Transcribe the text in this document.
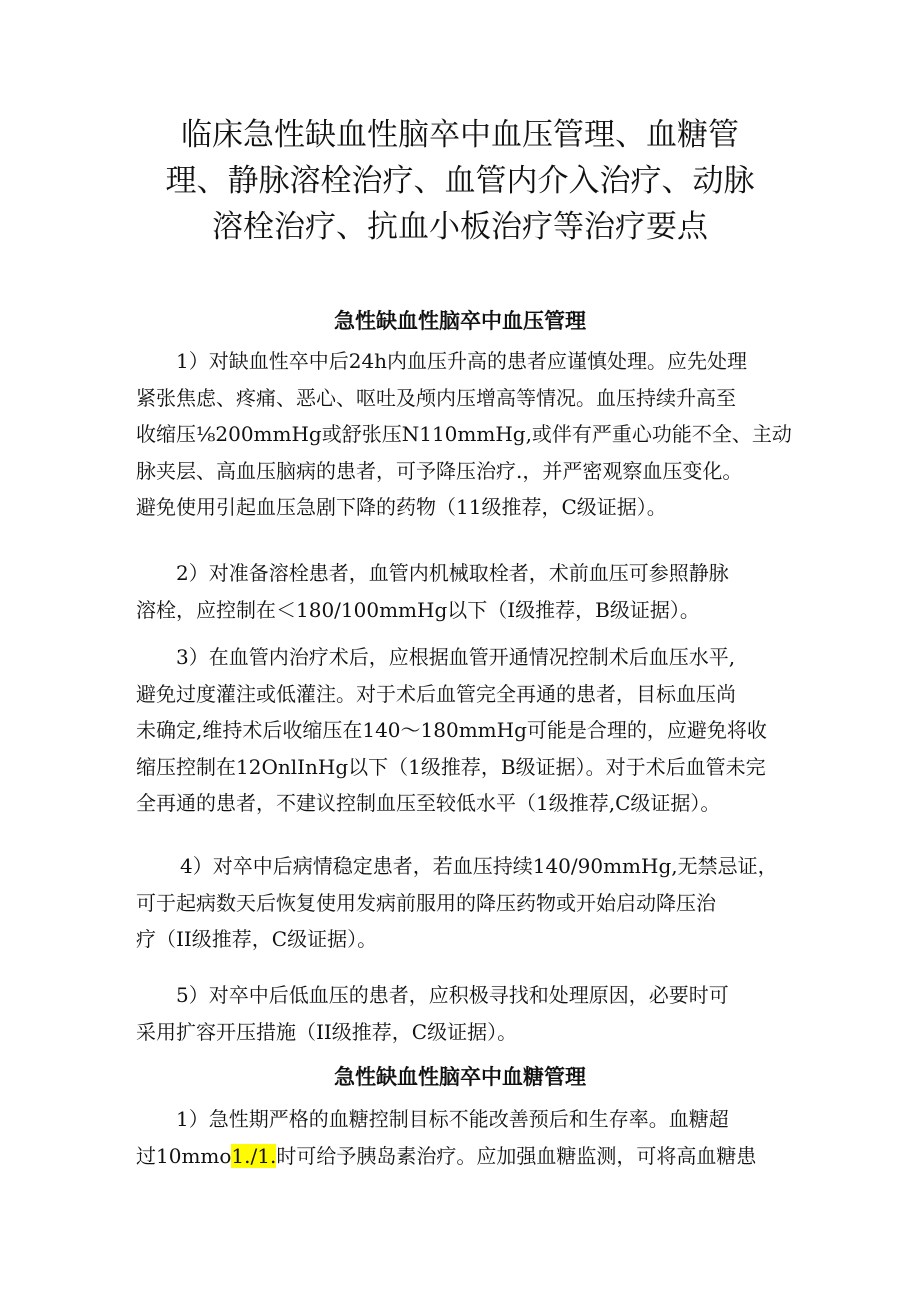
临床急性缺血性脑卒中血压管理、血糖管
理、静脉溶栓治疗、血管内介入治疗、动脉
溶栓治疗、抗血小板治疗等治疗要点
急性缺血性脑卒中血压管理

1）对缺血性卒中后24h内血压升高的患者应谨慎处理。应先处理
紧张焦虑、疼痛、恶心、呕吐及颅内压增高等情况。血压持续升高至
收缩压⅛200mmHg或舒张压N110mmHg,或伴有严重心功能不全、主动
脉夹层、高血压脑病的患者，可予降压治疗.，并严密观察血压变化。
避免使用引起血压急剧下降的药物（11级推荐，C级证据）。

2）对准备溶栓患者，血管内机械取栓者，术前血压可参照静脉
溶栓，应控制在＜180/100mmHg以下（I级推荐，B级证据）。

3）在血管内治疗术后，应根据血管开通情况控制术后血压水平,
避免过度灌注或低灌注。对于术后血管完全再通的患者，目标血压尚
未确定,维持术后收缩压在140～180mmHg可能是合理的，应避免将收
缩压控制在12OnlInHg以下（1级推荐，B级证据）。对于术后血管未完
全再通的患者，不建议控制血压至较低水平（1级推荐,C级证据）。

4）对卒中后病情稳定患者，若血压持续140/90mmHg,无禁忌证，
可于起病数天后恢复使用发病前服用的降压药物或开始启动降压治
疗（II级推荐，C级证据）。

5）对卒中后低血压的患者，应积极寻找和处理原因，必要时可
采用扩容开压措施（II级推荐，C级证据）。

急性缺血性脑卒中血糖管理

1）急性期严格的血糖控制目标不能改善预后和生存率。血糖超
过10mmo1./1.时可给予胰岛素治疗。应加强血糖监测，可将高血糖患
